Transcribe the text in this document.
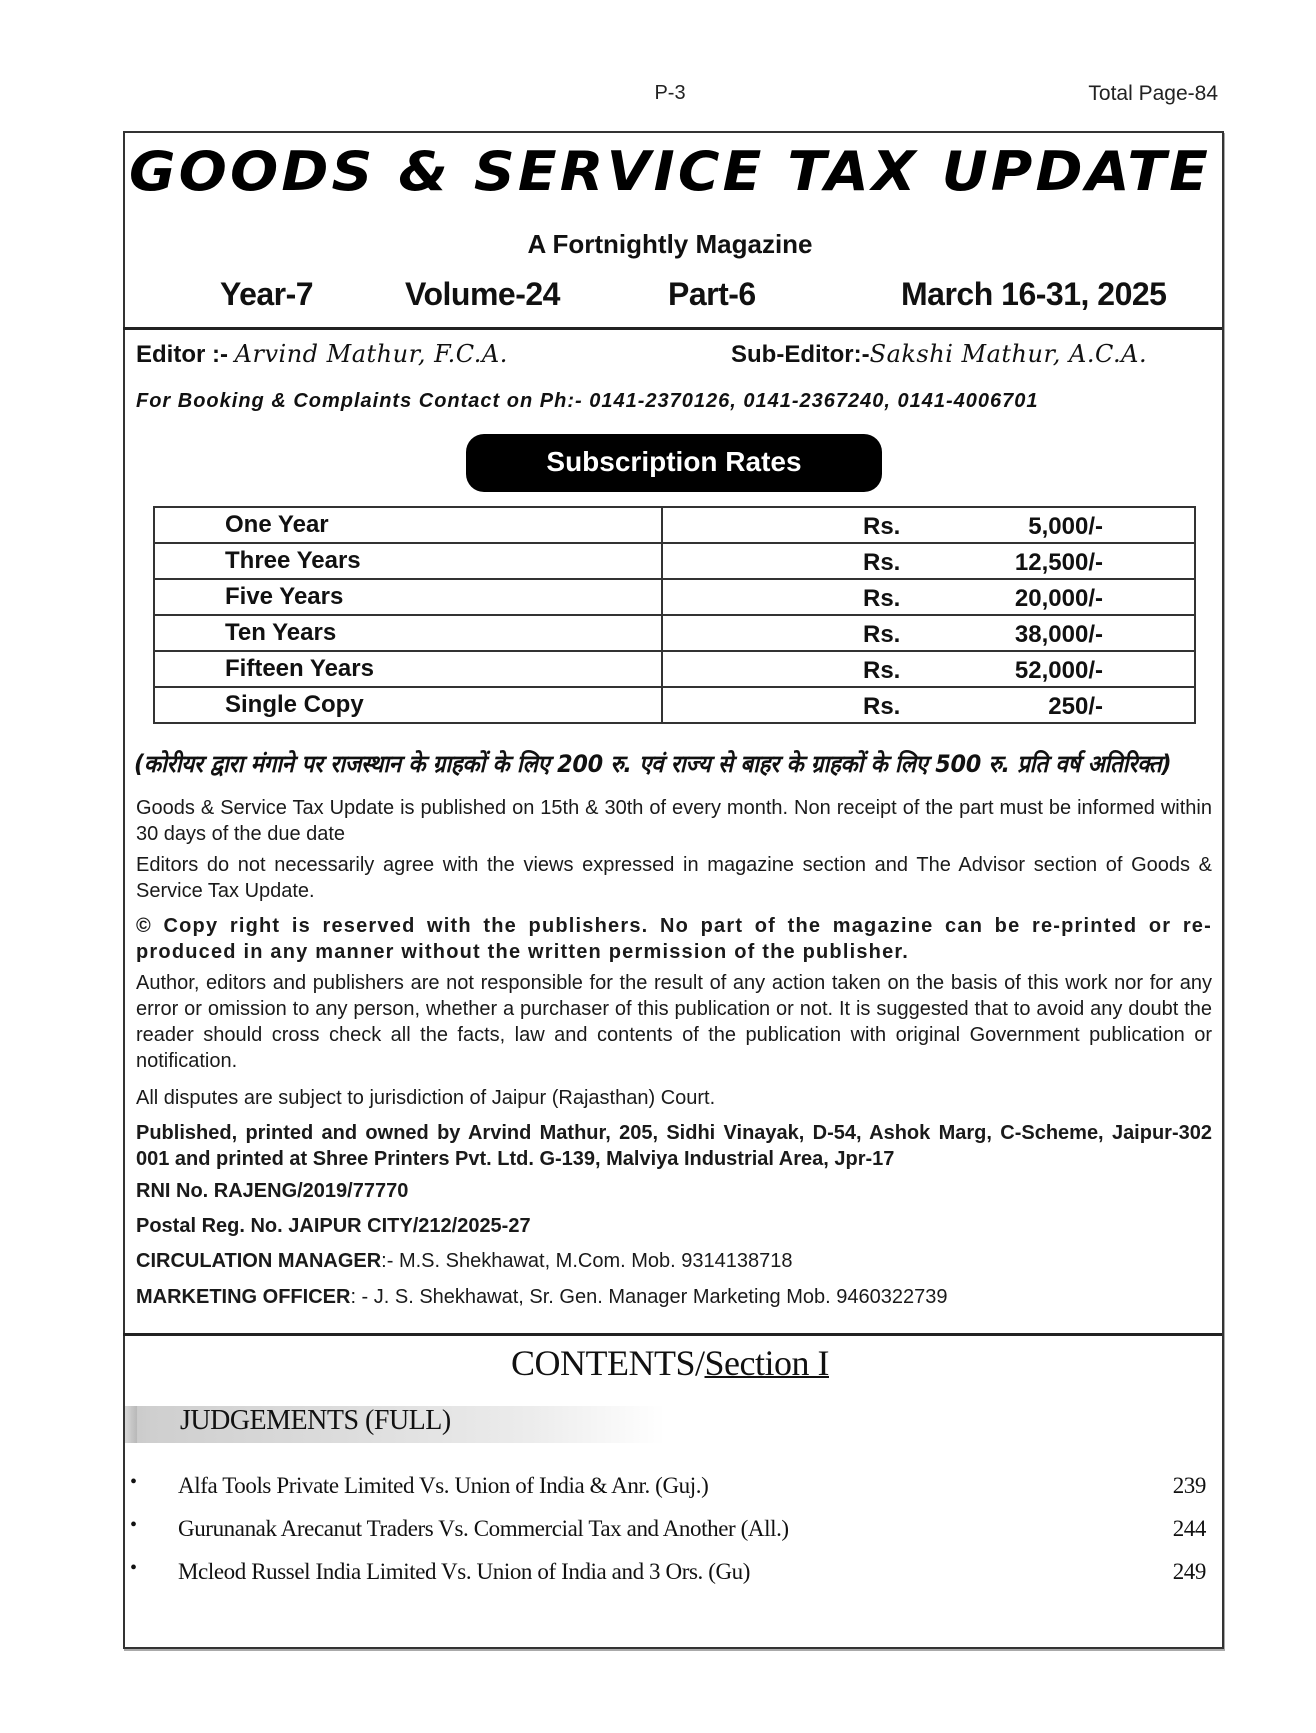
P-3	Total Page-84
GOODS & SERVICE TAX UPDATE
A Fortnightly Magazine
Year-7	Volume-24	Part-6	March 16-31, 2025
Editor :- Arvind Mathur, F.C.A.	Sub-Editor:-Sakshi Mathur, A.C.A.
For Booking & Complaints Contact on Ph:- 0141-2370126, 0141-2367240, 0141-4006701
Subscription Rates
One Year	Rs. 5,000/-

Three Years	Rs. 12,500/-

Five Years	Rs. 20,000/-

Ten Years	Rs. 38,000/-

Fifteen Years	Rs. 52,000/-

Single Copy	Rs. 250/-
(कोरीयर द्वारा मंगाने पर राजस्थान के ग्राहकों के लिए 200 रु. एवं राज्य से बाहर के ग्राहकों के लिए 500 रु. प्रति वर्ष अतिरिक्त)
Goods & Service Tax Update is published on 15th & 30th of every month. Non receipt of the part must be informed within 30 days of the due date
Editors do not necessarily agree with the views expressed in magazine section and The Advisor section of Goods & Service Tax Update.
© Copy right is reserved with the publishers. No part of the magazine can be re-printed or re-produced in any manner without the written permission of the publisher.
Author, editors and publishers are not responsible for the result of any action taken on the basis of this work nor for any error or omission to any person, whether a purchaser of this publication or not. It is suggested that to avoid any doubt the reader should cross check all the facts, law and contents of the publication with original Government publication or notification.
All disputes are subject to jurisdiction of Jaipur (Rajasthan) Court.
Published, printed and owned by Arvind Mathur, 205, Sidhi Vinayak, D-54, Ashok Marg, C-Scheme, Jaipur-302 001 and printed at Shree Printers Pvt. Ltd. G-139, Malviya Industrial Area, Jpr-17
RNI No. RAJENG/2019/77770
Postal Reg. No. JAIPUR CITY/212/2025-27
CIRCULATION MANAGER:- M.S. Shekhawat, M.Com. Mob. 9314138718
MARKETING OFFICER: - J. S. Shekhawat, Sr. Gen. Manager Marketing Mob. 9460322739
CONTENTS/Section I
JUDGEMENTS (FULL)
• Alfa Tools Private Limited Vs. Union of India & Anr. (Guj.)	239
• Gurunanak Arecanut Traders Vs. Commercial Tax and Another (All.)	244
• Mcleod Russel India Limited Vs. Union of India and 3 Ors. (Gu)	249
